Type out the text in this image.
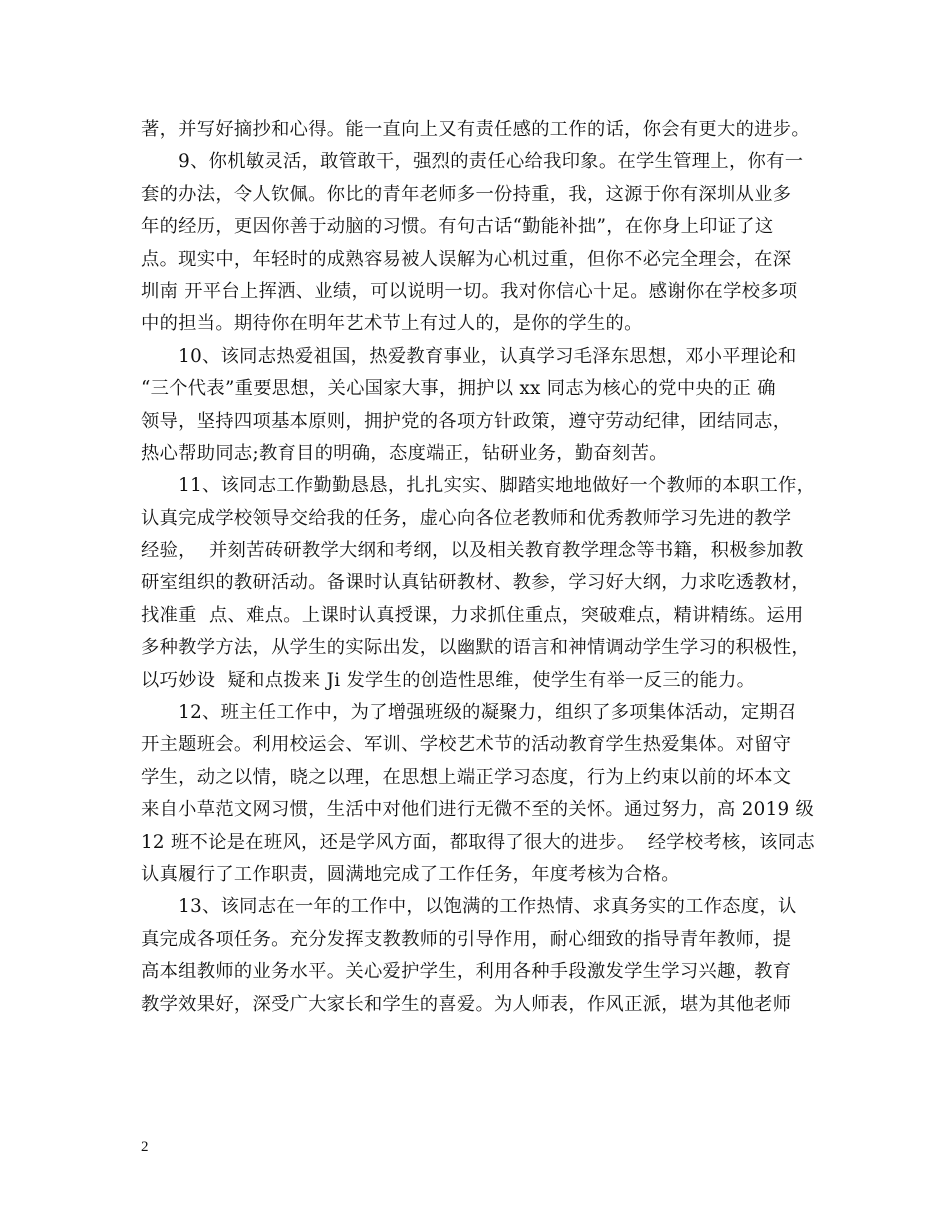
著，并写好摘抄和心得。能一直向上又有责任感的工作的话，你会有更大的进步。
　　9、你机敏灵活，敢管敢干，强烈的责任心给我印象。在学生管理上，你有一
套的办法，令人钦佩。你比的青年老师多一份持重，我，这源于你有深圳从业多
年的经历，更因你善于动脑的习惯。有句古话“勤能补拙”，在你身上印证了这
点。现实中，年轻时的成熟容易被人误解为心机过重，但你不必完全理会，在深
圳南 开平台上挥洒、业绩，可以说明一切。我对你信心十足。感谢你在学校多项
中的担当。期待你在明年艺术节上有过人的，是你的学生的。
　　10、该同志热爱祖国，热爱教育事业，认真学习毛泽东思想，邓小平理论和
“三个代表”重要思想，关心国家大事，拥护以 xx 同志为核心的党中央的正 确
领导，坚持四项基本原则，拥护党的各项方针政策，遵守劳动纪律，团结同志，
热心帮助同志;教育目的明确，态度端正，钻研业务，勤奋刻苦。
　　11、该同志工作勤勤恳恳，扎扎实实、脚踏实地地做好一个教师的本职工作，
认真完成学校领导交给我的任务，虚心向各位老教师和优秀教师学习先进的教学
经验，  并刻苦砖研教学大纲和考纲，以及相关教育教学理念等书籍，积极参加教
研室组织的教研活动。备课时认真钻研教材、教参，学习好大纲，力求吃透教材，
找准重  点、难点。上课时认真授课，力求抓住重点，突破难点，精讲精练。运用
多种教学方法，从学生的实际出发，以幽默的语言和神情调动学生学习的积极性，
以巧妙设  疑和点拨来 Ji 发学生的创造性思维，使学生有举一反三的能力。
　　12、班主任工作中，为了增强班级的凝聚力，组织了多项集体活动，定期召
开主题班会。利用校运会、军训、学校艺术节的活动教育学生热爱集体。对留守
学生，动之以情，晓之以理，在思想上端正学习态度，行为上约束以前的坏本文
来自小草范文网习惯，生活中对他们进行无微不至的关怀。通过努力，高 2019 级
12 班不论是在班风，还是学风方面，都取得了很大的进步。  经学校考核，该同志
认真履行了工作职责，圆满地完成了工作任务，年度考核为合格。
　　13、该同志在一年的工作中，以饱满的工作热情、求真务实的工作态度，认
真完成各项任务。充分发挥支教教师的引导作用，耐心细致的指导青年教师，提
高本组教师的业务水平。关心爱护学生，利用各种手段激发学生学习兴趣，教育
教学效果好，深受广大家长和学生的喜爱。为人师表，作风正派，堪为其他老师
2
